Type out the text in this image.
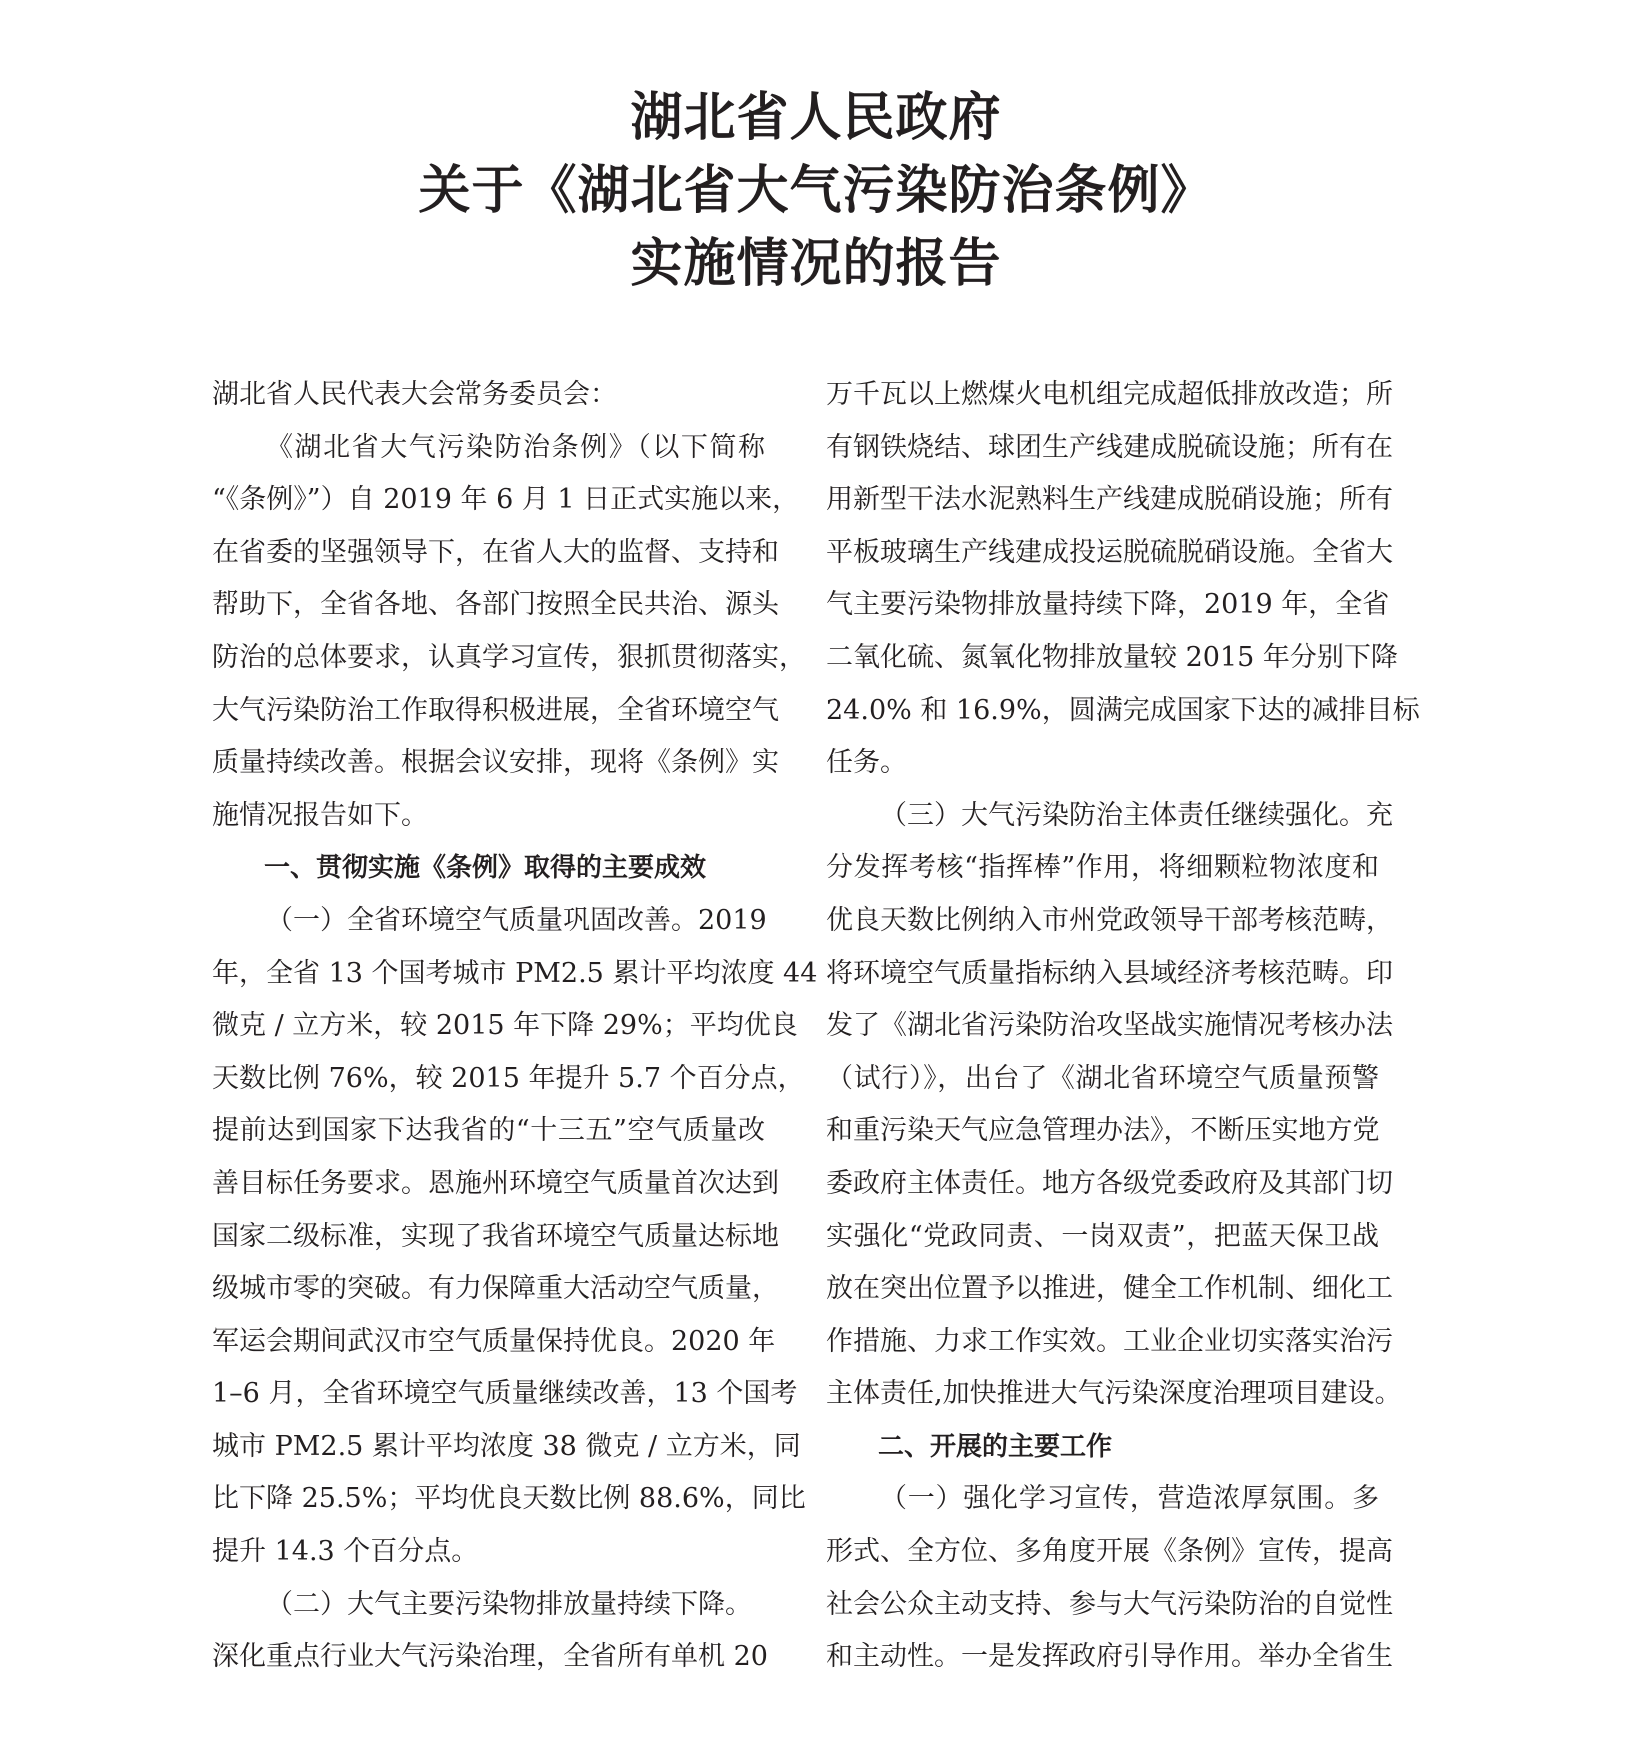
湖北省人民政府
关于《湖北省大气污染防治条例》
实施情况的报告

湖北省人民代表大会常务委员会：

《湖北省大气污染防治条例》（以下简称
“《条例》”）自 2019 年 6 月 1 日正式实施以来，
在省委的坚强领导下，在省人大的监督、支持和
帮助下，全省各地、各部门按照全民共治、源头
防治的总体要求，认真学习宣传，狠抓贯彻落实，
大气污染防治工作取得积极进展，全省环境空气
质量持续改善。根据会议安排，现将《条例》实
施情况报告如下。

一、贯彻实施《条例》取得的主要成效

（一）全省环境空气质量巩固改善。2019
年，全省 13 个国考城市 PM2.5 累计平均浓度 44
微克 / 立方米，较 2015 年下降 29%；平均优良
天数比例 76%，较 2015 年提升 5.7 个百分点，
提前达到国家下达我省的“十三五”空气质量改
善目标任务要求。恩施州环境空气质量首次达到
国家二级标准，实现了我省环境空气质量达标地
级城市零的突破。有力保障重大活动空气质量，
军运会期间武汉市空气质量保持优良。2020 年
1–6 月，全省环境空气质量继续改善，13 个国考
城市 PM2.5 累计平均浓度 38 微克 / 立方米，同
比下降 25.5%；平均优良天数比例 88.6%，同比
提升 14.3 个百分点。

（二）大气主要污染物排放量持续下降。
深化重点行业大气污染治理，全省所有单机 20

万千瓦以上燃煤火电机组完成超低排放改造；所
有钢铁烧结、球团生产线建成脱硫设施；所有在
用新型干法水泥熟料生产线建成脱硝设施；所有
平板玻璃生产线建成投运脱硫脱硝设施。全省大
气主要污染物排放量持续下降，2019 年，全省
二氧化硫、氮氧化物排放量较 2015 年分别下降
24.0% 和 16.9%，圆满完成国家下达的减排目标
任务。

（三）大气污染防治主体责任继续强化。充
分发挥考核“指挥棒”作用，将细颗粒物浓度和
优良天数比例纳入市州党政领导干部考核范畴，
将环境空气质量指标纳入县域经济考核范畴。印
发了《湖北省污染防治攻坚战实施情况考核办法
（试行）》，出台了《湖北省环境空气质量预警
和重污染天气应急管理办法》，不断压实地方党
委政府主体责任。地方各级党委政府及其部门切
实强化“党政同责、一岗双责”，把蓝天保卫战
放在突出位置予以推进，健全工作机制、细化工
作措施、力求工作实效。工业企业切实落实治污
主体责任,加快推进大气污染深度治理项目建设。

二、开展的主要工作

（一）强化学习宣传，营造浓厚氛围。多
形式、全方位、多角度开展《条例》宣传，提高
社会公众主动支持、参与大气污染防治的自觉性
和主动性。一是发挥政府引导作用。举办全省生
